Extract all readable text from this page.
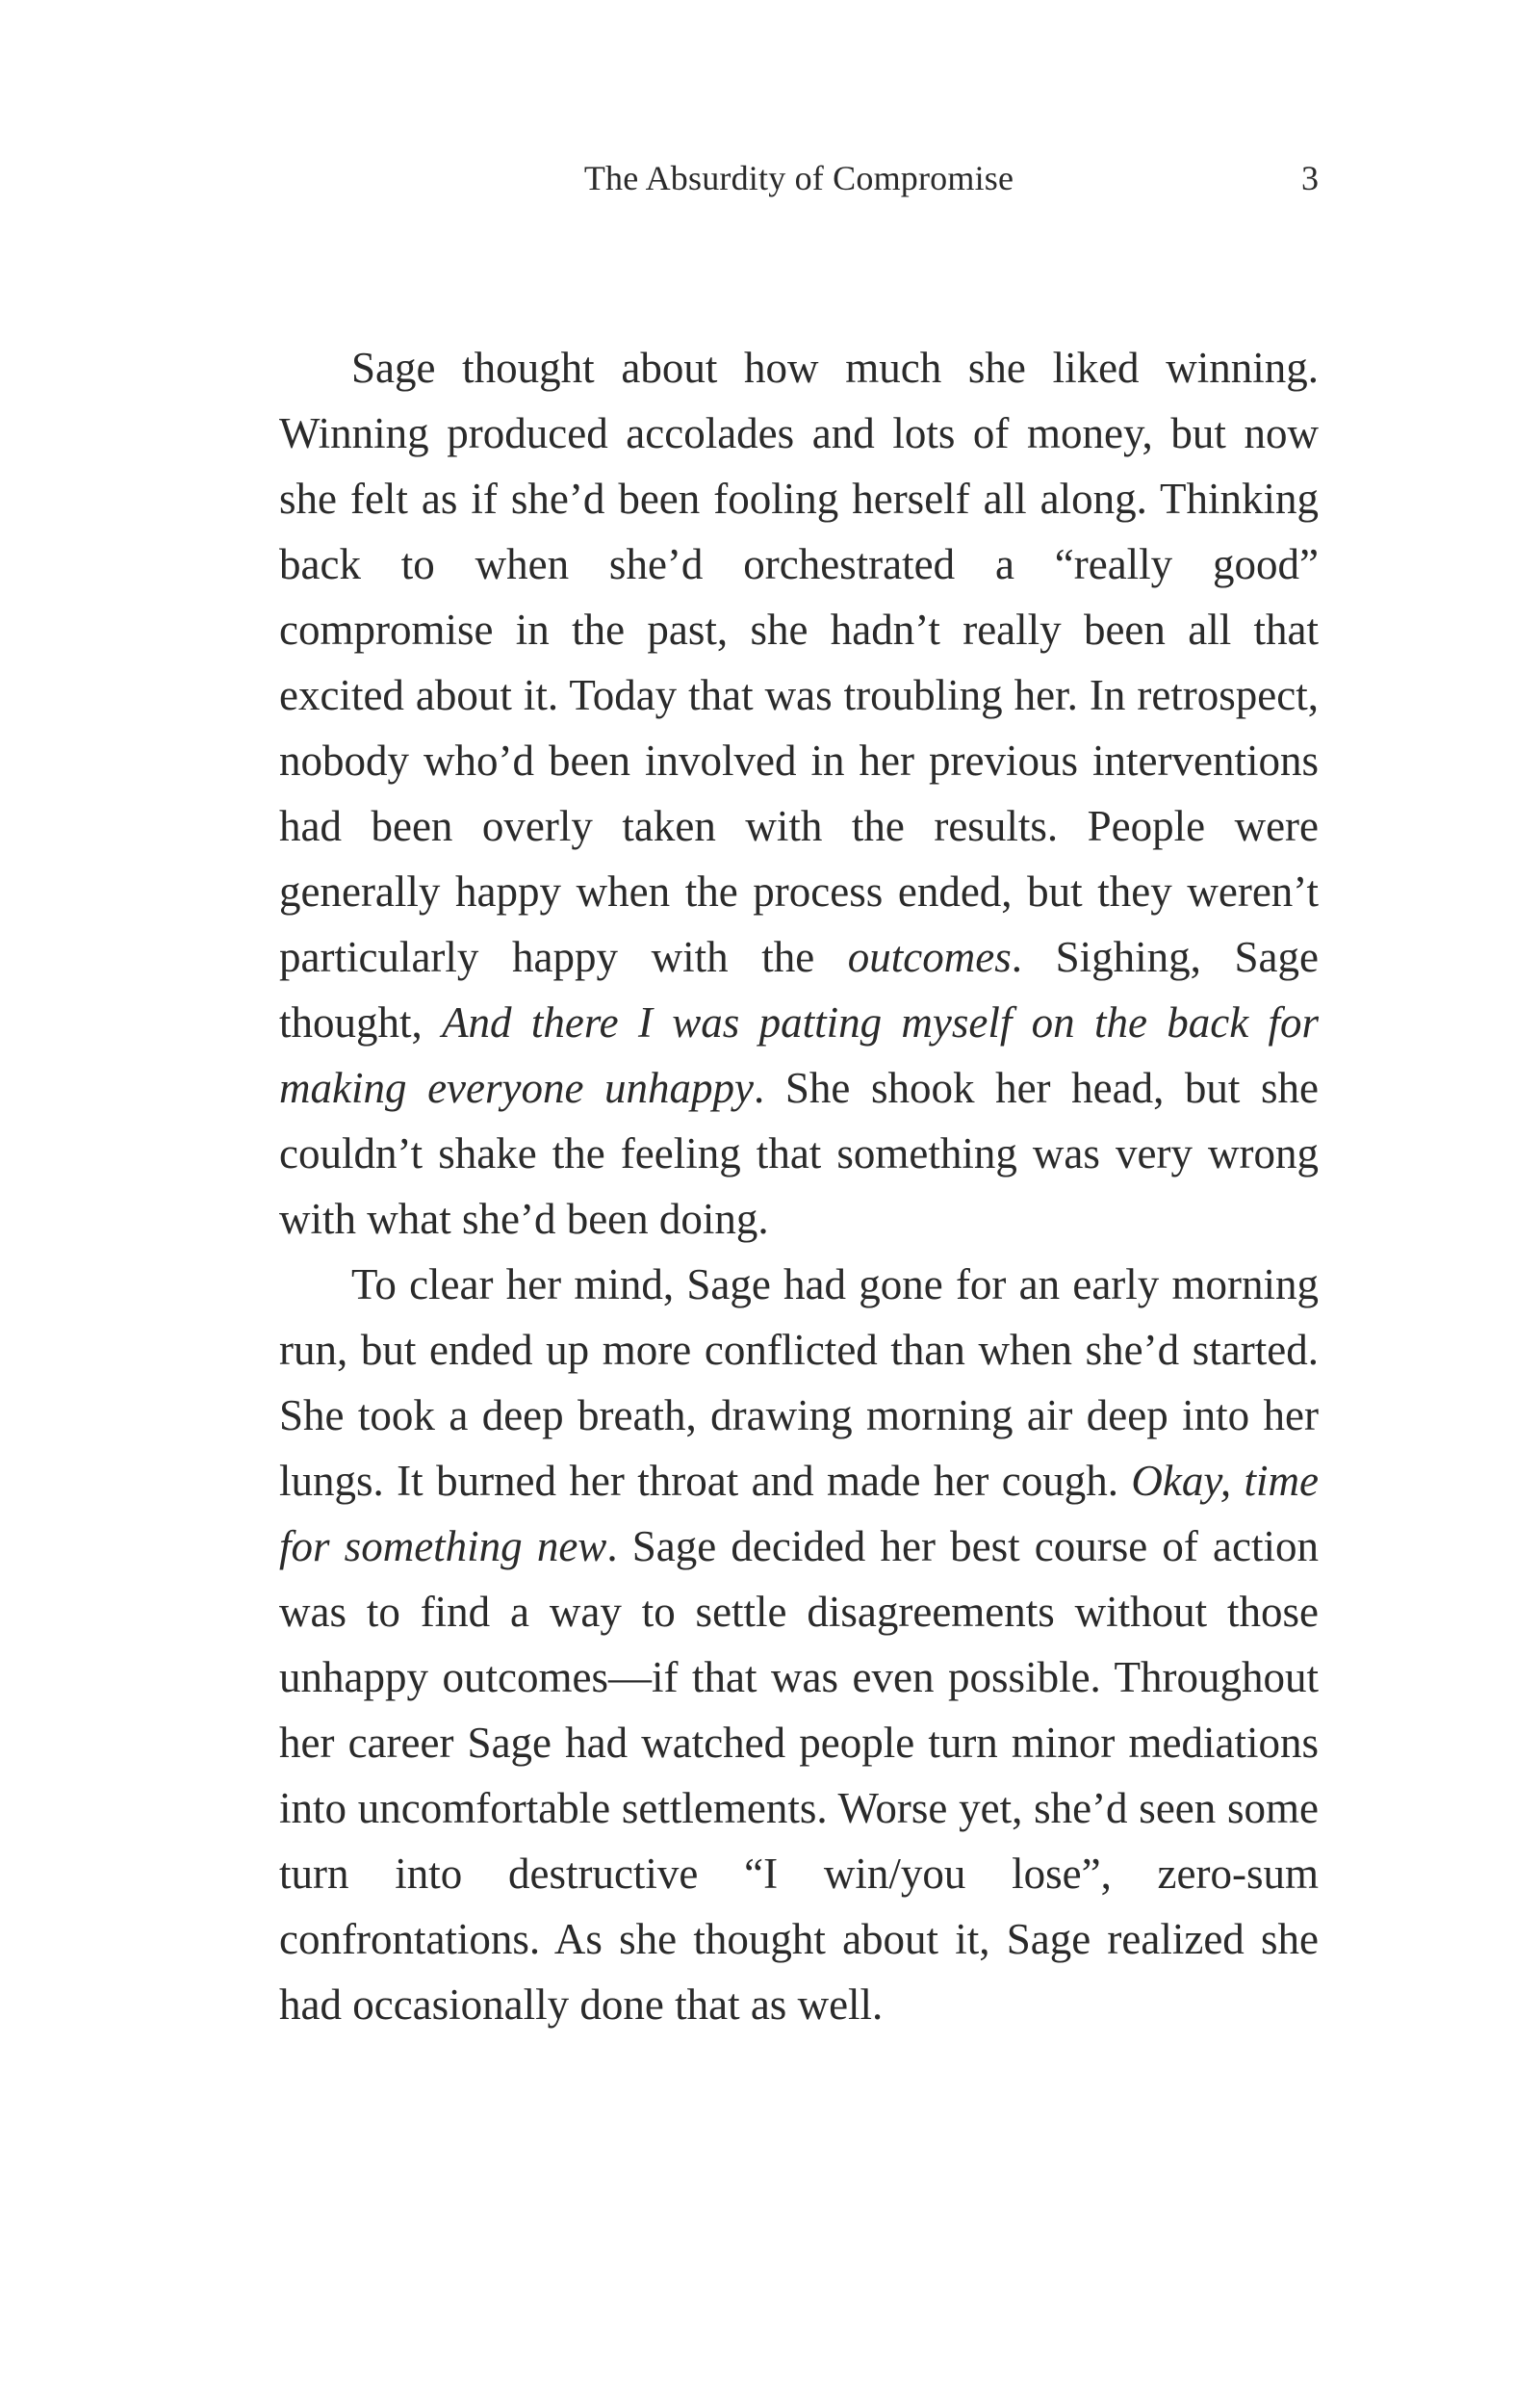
The Absurdity of Compromise	3

Sage thought about how much she liked winning. Winning produced accolades and lots of money, but now she felt as if she’d been fooling herself all along. Thinking back to when she’d orchestrated a “really good” compromise in the past, she hadn’t really been all that excited about it. Today that was troubling her. In retrospect, nobody who’d been involved in her previous interventions had been overly taken with the results. People were generally happy when the process ended, but they weren’t particularly happy with the outcomes. Sighing, Sage thought, And there I was patting myself on the back for making everyone unhappy. She shook her head, but she couldn’t shake the feeling that something was very wrong with what she’d been doing.

To clear her mind, Sage had gone for an early morning run, but ended up more conflicted than when she’d started. She took a deep breath, drawing morning air deep into her lungs. It burned her throat and made her cough. Okay, time for something new. Sage decided her best course of action was to find a way to settle disagreements without those unhappy outcomes—if that was even possible. Throughout her career Sage had watched people turn minor mediations into uncomfortable settlements. Worse yet, she’d seen some turn into destructive “I win/you lose”, zero-sum confrontations. As she thought about it, Sage realized she had occasionally done that as well.
